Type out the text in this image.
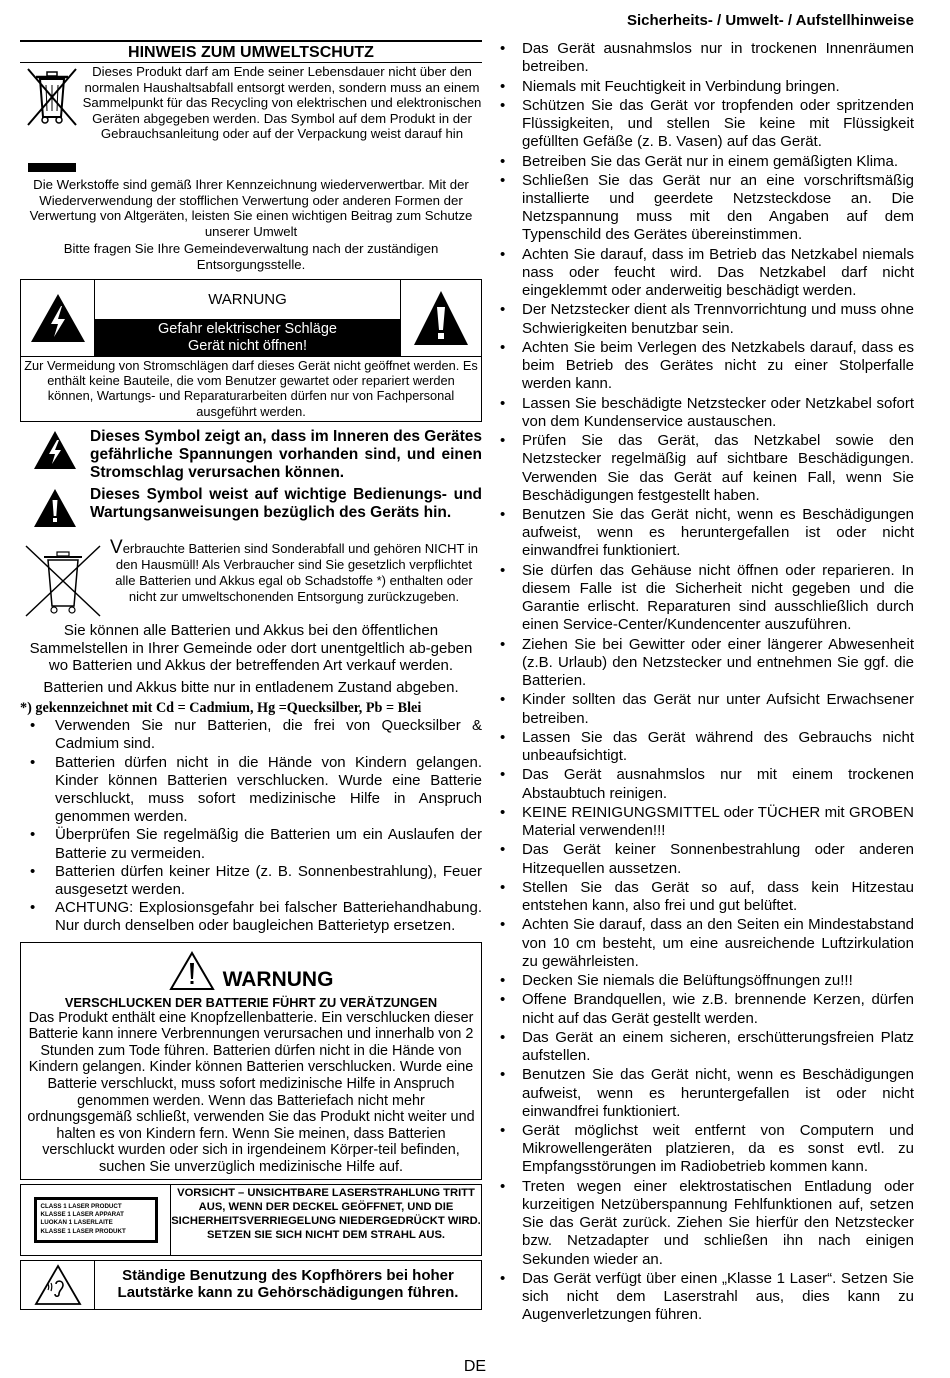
Sicherheits- / Umwelt- / Aufstellhinweise
HINWEIS ZUM UMWELTSCHUTZ
Dieses Produkt darf am Ende seiner Lebensdauer nicht über den normalen Haushaltsabfall entsorgt werden, sondern muss an einem Sammelpunkt für das Recycling von elektrischen und elektronischen Geräten abgegeben werden. Das Symbol auf dem Produkt in der Gebrauchsanleitung oder auf der Verpackung weist darauf hin
Die Werkstoffe sind gemäß Ihrer Kennzeichnung wiederverwertbar. Mit der Wiederverwendung der stofflichen Verwertung oder anderen Formen der Verwertung von Altgeräten, leisten Sie einen wichtigen Beitrag zum Schutze unserer Umwelt
Bitte fragen Sie Ihre Gemeindeverwaltung nach der zuständigen Entsorgungsstelle.
WARNUNG
Gefahr elektrischer Schläge
Gerät nicht öffnen!
Zur Vermeidung von Stromschlägen darf dieses Gerät nicht geöffnet werden. Es enthält keine Bauteile, die vom Benutzer gewartet oder repariert werden können, Wartungs- und Reparaturarbeiten dürfen nur von Fachpersonal ausgeführt werden.
Dieses Symbol zeigt an, dass im Inneren des Gerätes gefährliche Spannungen vorhanden sind, und einen Stromschlag verursachen können.
Dieses Symbol weist auf wichtige Bedienungs- und Wartungsanweisungen bezüglich des Geräts hin.
Verbrauchte Batterien sind Sonderabfall und gehören NICHT in den Hausmüll! Als Verbraucher sind Sie gesetzlich verpflichtet alle Batterien und Akkus egal ob Schadstoffe *) enthalten oder nicht zur umweltschonenden Entsorgung zurückzugeben.
Sie können alle Batterien und Akkus bei den öffentlichen Sammelstellen in Ihrer Gemeinde oder dort unentgeltlich ab-geben wo Batterien und Akkus der betreffenden Art verkauf werden.
Batterien und Akkus bitte nur in entladenem Zustand abgeben.
*) gekennzeichnet mit Cd = Cadmium, Hg =Quecksilber, Pb = Blei
• Verwenden Sie nur Batterien, die frei von Quecksilber & Cadmium sind.
• Batterien dürfen nicht in die Hände von Kindern gelangen. Kinder können Batterien verschlucken. Wurde eine Batterie verschluckt, muss sofort medizinische Hilfe in Anspruch genommen werden.
• Überprüfen Sie regelmäßig die Batterien um ein Auslaufen der Batterie zu vermeiden.
• Batterien dürfen keiner Hitze (z. B. Sonnenbestrahlung), Feuer ausgesetzt werden.
• ACHTUNG: Explosionsgefahr bei falscher Batteriehandhabung. Nur durch denselben oder baugleichen Batterietyp ersetzen.
WARNUNG
VERSCHLUCKEN DER BATTERIE FÜHRT ZU VERÄTZUNGEN
Das Produkt enthält eine Knopfzellenbatterie. Ein verschlucken dieser Batterie kann innere Verbrennungen verursachen und innerhalb von 2 Stunden zum Tode führen. Batterien dürfen nicht in die Hände von Kindern gelangen. Kinder können Batterien verschlucken. Wurde eine Batterie verschluckt, muss sofort medizinische Hilfe in Anspruch genommen werden. Wenn das Batteriefach nicht mehr ordnungsgemäß schließt, verwenden Sie das Produkt nicht weiter und halten es von Kindern fern. Wenn Sie meinen, dass Batterien verschluckt wurden oder sich in irgendeinem Körper-teil befinden, suchen Sie unverzüglich medizinische Hilfe auf.
CLASS 1 LASER PRODUCT
KLASSE 1 LASER APPARAT
LUOKAN 1 LASERLAITE
KLASSE 1 LASER PRODUKT
VORSICHT – UNSICHTBARE LASERSTRAHLUNG TRITT AUS, WENN DER DECKEL GEÖFFNET, UND DIE SICHERHEITSVERRIEGELUNG NIEDERGEDRÜCKT WIRD. SETZEN SIE SICH NICHT DEM STRAHL AUS.
Ständige Benutzung des Kopfhörers bei hoher Lautstärke kann zu Gehörschädigungen führen.
• Das Gerät ausnahmslos nur in trockenen Innenräumen betreiben.
• Niemals mit Feuchtigkeit in Verbindung bringen.
• Schützen Sie das Gerät vor tropfenden oder spritzenden Flüssigkeiten, und stellen Sie keine mit Flüssigkeit gefüllten Gefäße (z. B. Vasen) auf das Gerät.
• Betreiben Sie das Gerät nur in einem gemäßigten Klima.
• Schließen Sie das Gerät nur an eine vorschriftsmäßig installierte und geerdete Netzsteckdose an. Die Netzspannung muss mit den Angaben auf dem Typenschild des Gerätes übereinstimmen.
• Achten Sie darauf, dass im Betrieb das Netzkabel niemals nass oder feucht wird. Das Netzkabel darf nicht eingeklemmt oder anderweitig beschädigt werden.
• Der Netzstecker dient als Trennvorrichtung und muss ohne Schwierigkeiten benutzbar sein.
• Achten Sie beim Verlegen des Netzkabels darauf, dass es beim Betrieb des Gerätes nicht zu einer Stolperfalle werden kann.
• Lassen Sie beschädigte Netzstecker oder Netzkabel sofort von dem Kundenservice austauschen.
• Prüfen Sie das Gerät, das Netzkabel sowie den Netzstecker regelmäßig auf sichtbare Beschädigungen. Verwenden Sie das Gerät auf keinen Fall, wenn Sie Beschädigungen festgestellt haben.
• Benutzen Sie das Gerät nicht, wenn es Beschädigungen aufweist, wenn es heruntergefallen ist oder nicht einwandfrei funktioniert.
• Sie dürfen das Gehäuse nicht öffnen oder reparieren. In diesem Falle ist die Sicherheit nicht gegeben und die Garantie erlischt. Reparaturen sind ausschließlich durch einen Service-Center/Kundencenter auszuführen.
• Ziehen Sie bei Gewitter oder einer längerer Abwesenheit (z.B. Urlaub) den Netzstecker und entnehmen Sie ggf. die Batterien.
• Kinder sollten das Gerät nur unter Aufsicht Erwachsener betreiben.
• Lassen Sie das Gerät während des Gebrauchs nicht unbeaufsichtigt.
• Das Gerät ausnahmslos nur mit einem trockenen Abstaubtuch reinigen.
• KEINE REINIGUNGSMITTEL oder TÜCHER mit GROBEN Material verwenden!!!
• Das Gerät keiner Sonnenbestrahlung oder anderen Hitzequellen aussetzen.
• Stellen Sie das Gerät so auf, dass kein Hitzestau entstehen kann, also frei und gut belüftet.
• Achten Sie darauf, dass an den Seiten ein Mindestabstand von 10 cm besteht, um eine ausreichende Luftzirkulation zu gewährleisten.
• Decken Sie niemals die Belüftungsöffnungen zu!!!
• Offene Brandquellen, wie z.B. brennende Kerzen, dürfen nicht auf das Gerät gestellt werden.
• Das Gerät an einem sicheren, erschütterungsfreien Platz aufstellen.
• Benutzen Sie das Gerät nicht, wenn es Beschädigungen aufweist, wenn es heruntergefallen ist oder nicht einwandfrei funktioniert.
• Gerät möglichst weit entfernt von Computern und Mikrowellengeräten platzieren, da es sonst evtl. zu Empfangsstörungen im Radiobetrieb kommen kann.
• Treten wegen einer elektrostatischen Entladung oder kurzeitigen Netzüberspannung Fehlfunktionen auf, setzen Sie das Gerät zurück. Ziehen Sie hierfür den Netzstecker bzw. Netzadapter und schließen ihn nach einigen Sekunden wieder an.
• Das Gerät verfügt über einen „Klasse 1 Laser“. Setzen Sie sich nicht dem Laserstrahl aus, dies kann zu Augenverletzungen führen.
DE
